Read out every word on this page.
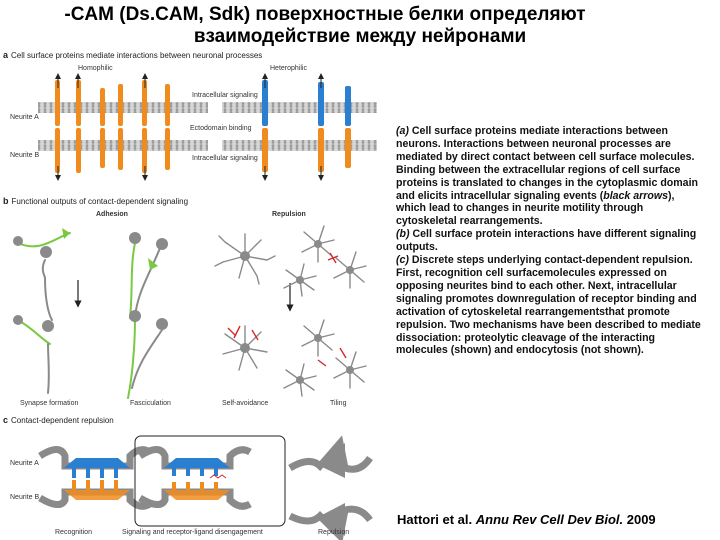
-CAM (Ds.CAM, Sdk) поверхностные белки определяют
взаимодействие между нейронами
a Cell surface proteins mediate interactions between neuronal processes
Homophilic	Heterophilic
Neurite A
Neurite B
Intracellular signaling
Ectodomain binding
Intracellular signaling
b Functional outputs of contact-dependent signaling
Adhesion	Repulsion
Synapse formation	Fasciculation	Self-avoidance	Tiling
c Contact-dependent repulsion
Neurite A
Neurite B
Recognition	Signaling and receptor-ligand disengagement	Repulsion
(a) Cell surface proteins mediate interactions between neurons. Interactions between neuronal processes are mediated by direct contact between cell surface molecules. Binding between the extracellular regions of cell surface proteins is translated to changes in the cytoplasmic domain and elicits intracellular signaling events (black arrows), which lead to changes in neurite motility through cytoskeletal rearrangements.
(b) Cell surface protein interactions have different signaling outputs.
(c) Discrete steps underlying contact-dependent repulsion. First, recognition cell surfacemolecules expressed on opposing neurites bind to each other. Next, intracellular signaling promotes downregulation of receptor binding and activation of cytoskeletal rearrangementsthat promote repulsion. Two mechanisms have been described to mediate dissociation: proteolytic cleavage of the interacting molecules (shown) and endocytosis (not shown).
Hattori et al. Annu Rev Cell Dev Biol. 2009
